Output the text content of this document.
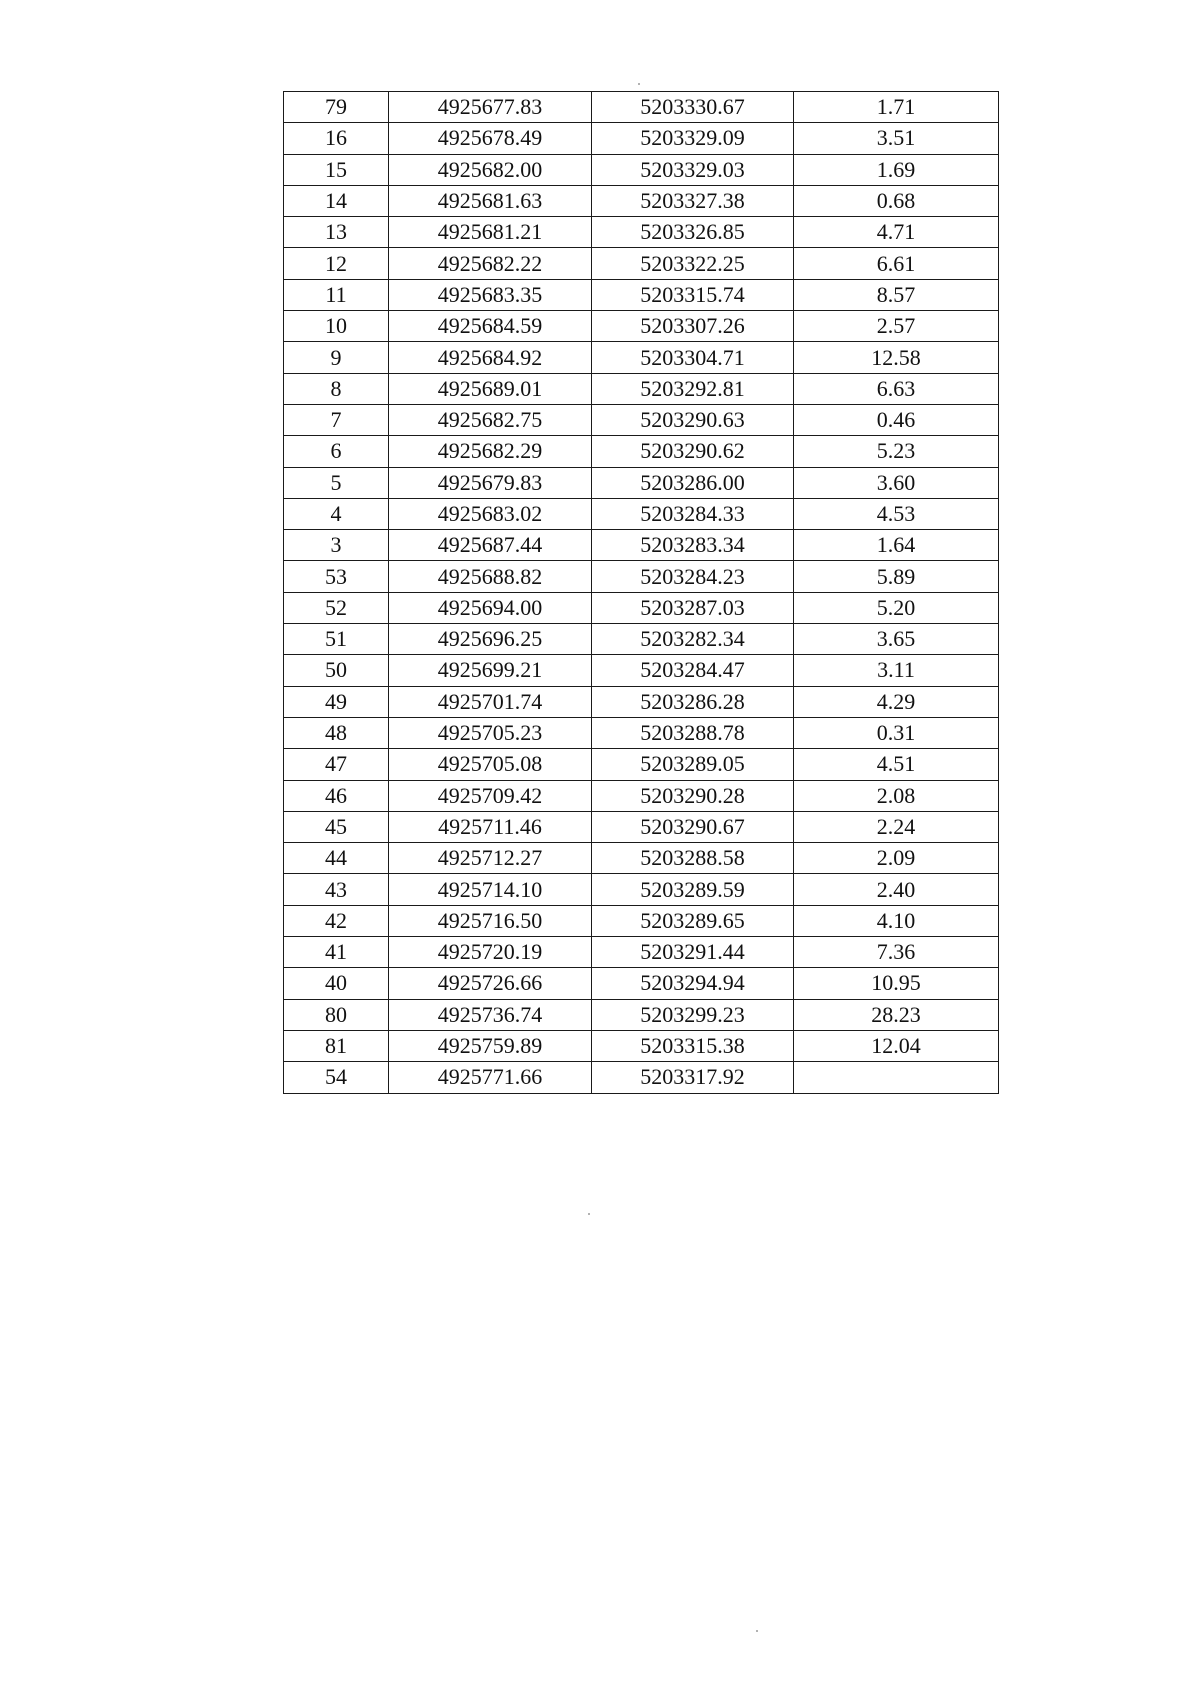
79	4925677.83	5203330.67	1.71
16	4925678.49	5203329.09	3.51
15	4925682.00	5203329.03	1.69
14	4925681.63	5203327.38	0.68
13	4925681.21	5203326.85	4.71
12	4925682.22	5203322.25	6.61
11	4925683.35	5203315.74	8.57
10	4925684.59	5203307.26	2.57
9	4925684.92	5203304.71	12.58
8	4925689.01	5203292.81	6.63
7	4925682.75	5203290.63	0.46
6	4925682.29	5203290.62	5.23
5	4925679.83	5203286.00	3.60
4	4925683.02	5203284.33	4.53
3	4925687.44	5203283.34	1.64
53	4925688.82	5203284.23	5.89
52	4925694.00	5203287.03	5.20
51	4925696.25	5203282.34	3.65
50	4925699.21	5203284.47	3.11
49	4925701.74	5203286.28	4.29
48	4925705.23	5203288.78	0.31
47	4925705.08	5203289.05	4.51
46	4925709.42	5203290.28	2.08
45	4925711.46	5203290.67	2.24
44	4925712.27	5203288.58	2.09
43	4925714.10	5203289.59	2.40
42	4925716.50	5203289.65	4.10
41	4925720.19	5203291.44	7.36
40	4925726.66	5203294.94	10.95
80	4925736.74	5203299.23	28.23
81	4925759.89	5203315.38	12.04
54	4925771.66	5203317.92	
